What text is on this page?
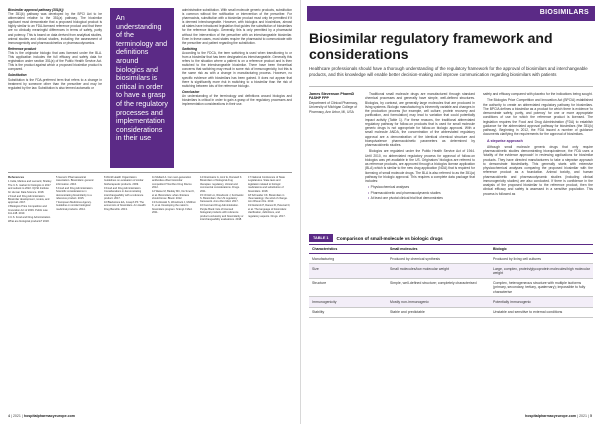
Biosimilar approval pathway (351(k))
The 351(k) pathway was developed by the BPCI Act to be abbreviated relative to the 351(a) pathway. The biosimilar applicant must demonstrate that a proposed biological product is highly similar to an FDA-licensed reference product and that there are no clinically meaningful differences in terms of safety, purity and potency. This is based on data derived from analytical studies, animal studies and clinical studies, including the assessment of immunogenicity and pharmacokinetics or pharmacodynamics.

Reference product
This is the originator biologic that was licensed under the BLA. This application includes the full efficacy and safety data for registration under section 351(a) of the Public Health Service Act. This is the product against which a proposed biosimilar product is compared.

Substitution
Substitution is the FDA-preferred term that refers to a change in treatment by someone other than the prescriber and may be regulated by the law. Substitution is also termed automatic or

An understanding of the terminology and definitions around biologics and biosimilars is critical in order to have a grasp of the regulatory processes and implementation considerations in their use

administrative substitution. With small molecule generic products, substitution is common without the notification or intervention of the prescriber. For pharmacists, substitution with a biosimilar product must only be permitted if it is deemed interchangeable. However, with biologics and biosimilars, almost all states have introduced legislation that guides the substitution of biosimilars for the reference biologic. Generally, this is only permitted by a pharmacist without the intervention of the prescriber with an interchangeable biosimilar. Even in these cases, most states require the pharmacist to communicate with the prescriber and patient regarding the substitution.

Switching
According to the FDCA, the term switching is used when transitioning to or from a biosimilar that has been designated as interchangeable. Generally this refers to the situation where a patient is on a reference product and is then switched to the interchangeable biosimilar. There have been theoretical concerns that switching may result in some risk of immunogenicity, but this is the same risk as with a change in manufacturing process. However, no specific evidence with biosimilars has been gained. It does not appear that there is significantly more risk in switching to a biosimilar than the risk of switching between lots of the reference biologic.

Conclusion
An understanding of the terminology and definitions around biologics and biosimilars is critical in order to gain a grasp of the regulatory processes and implementation considerations in their use.

References
1 Cella, Markus and Leonard, Shelley. The U.S. market for biologics in 2017 and outlook to 2022. IQVIA Institute for Human Data Science. 2018.
2 Food and Drug Administration. Biosimilar development, review, and approval. 2017.
3 Biologics Price Competition and Innovation Act of 2009. Public Law 111-148. 2010.
4 U.S. Food and Drug Administration. What are biological products? 2018.
5 Generic Pharmaceutical Association. Biosimilars: general information. 2016.
6 Food and Drug Administration. Scientific considerations in demonstrating biosimilarity to a reference product. 2015.
7 European Medicines Agency. Guideline on similar biological medicinal products. 2014.
8 World Health Organization. Guidelines on evaluation of similar biotherapeutic products. 2009.
9 Food and Drug Administration. Considerations in demonstrating interchangeability with a reference product. 2017.
10 Blackstone EA, Joseph PF. The economics of biosimilars. Am Health Drug Benefits. 2013.
11 Mullard A. Can next-generation antibodies offset biosimilar competition? Nat Rev Drug Discov. 2012.
12 Weise M, Bielsky MC, De Smet K, et al. Biosimilars: what clinicians should know. Blood. 2012.
13 Kozlowski S, Woodcock J, Midthun K, et al. Developing the nation's biosimilars program. N Engl J Med. 2011.
14 Dranitsaris G, Amir E, Dorward K. Biosimilars of biological drug therapies: regulatory, clinical and commercial considerations. Drugs. 2011.
15 Christl LA, Woodcock J, Kozlowski S. Biosimilars: the US regulatory framework. Annu Rev Med. 2017.
16 Food and Drug Administration. Purple Book: lists of licensed biological products with reference product exclusivity and biosimilarity or interchangeability evaluations. 2018.
17 National Conference of State Legislatures. State laws and legislation related to biologic medications and substitution of biosimilars. 2018.
18 Schneider CK. Biosimilars in rheumatology: the wind of change. Ann Rheum Dis. 2013.
19 Declerck P, Danesi R, Petersel D, et al. The language of biosimilars: clarification, definitions, and regulatory aspects. Drugs. 2017.
4 | 2021 | hospitalpharmacyeurope.com
BIOSIMILARS
Biosimilar regulatory framework and considerations
Healthcare professionals should have a thorough understanding of the regulatory framework for the approval of biosimilars and interchangeable products, and this knowledge will enable better decision-making and improve communication regarding biosimilars with patients
James Stevenson PharmD FASHP FPP
Department of Clinical Pharmacy, University of Michigan College of Pharmacy, Ann Arbor, MI, USA

Traditional small molecule drugs are manufactured through standard chemical processes and generally have simple, well-defined structures. Biologics, by contrast, are generally large molecules that are produced in living systems. Biologic manufacturing is inherently variable and changes in the production process (for example, cell culture, protein recovery and purification, and formulation) may lead to variation that could potentially impact activity (Table 1). For these reasons, the traditional abbreviated regulatory pathway for follow-on products that is used for small molecule generic drugs is not appropriate for follow-on biologic approval. With a small molecule ANDA, the concentration of the abbreviated regulatory approval are a demonstration of the identical chemical structure and bioequivalence pharmacokinetic parameters as determined by pharmacokinetic studies.

Biologics are regulated under the Public Health Service Act of 1944. Until 2010, no abbreviated regulatory process for approval of follow-on biologics was yet available in the US. Originators' biologics are referred to as reference products, are approved through a biologics license application (BLA) which is similar to the new drug application (NDA) that is required for licensing of small molecule drugs. The BLA is also referred to as the 351(a) pathway for biologic approval. This requires a complete data package that includes:

• Physicochemical analyses
• Pharmacokinetic and pharmacodynamic studies
• At least one pivotal clinical trial that demonstrates

safety and efficacy compared with placebo for the indications being sought.

The Biologics Price Competition and Innovation Act (BPCIA) established the authority to create an abbreviated regulatory pathway for biosimilars. The BPCIA defines a biosimilar as a product for which there is evidence 'to demonstrate safety, purity, and potency' for one or more appropriate conditions of use for which the reference product is licensed. The legislation requires the Food and Drug Administration (FDA) to establish guidance for the abbreviated approval pathway for biosimilars (the 351(k) pathway). Beginning in 2012, the FDA issued a number of guidance documents clarifying the requirements for the approval of biosimilars.

A stepwise approach

Although small molecule generic drugs that only require pharmacokinetic studies demonstrating bioequivalence, the FDA uses a 'totality of the evidence approach' in reviewing applications for biosimilar products. They have directed manufacturers to take a stepwise approach to demonstrate biosimilarity. This generally starts with extensive physicochemical analyses comparing the proposed biosimilar with the reference product as a foundation. Animal toxicity, and human pharmacokinetic and pharmacodynamic studies (including clinical immunogenicity studies) are also conducted. If there is confidence in the analysis of the proposed biosimilar to the reference product, then the clinical efficacy and safety is assessed in a sensitive population. This process is followed as

TABLE 1	Comparison of small-molecule vs biologic drugs
Characteristics	Small molecules	Biologic
Manufacturing	Produced by chemical synthesis	Produced by living cell cultures
Size	Small molecules/low molecular weight	Large, complex, protein/glycoprotein molecules/high molecular weight
Structure	Simple, well-defined structure; completely characterised	Complex, heterogeneous structure with multiple isoforms (primary, secondary, tertiary, quaternary); impossible to fully characterise
Immunogenicity	Mostly non-immunogenic	Potentially immunogenic
Stability	Stable and predictable	Unstable and sensitive to external conditions
hospitalpharmacyeurope.com | 2021 | 5
